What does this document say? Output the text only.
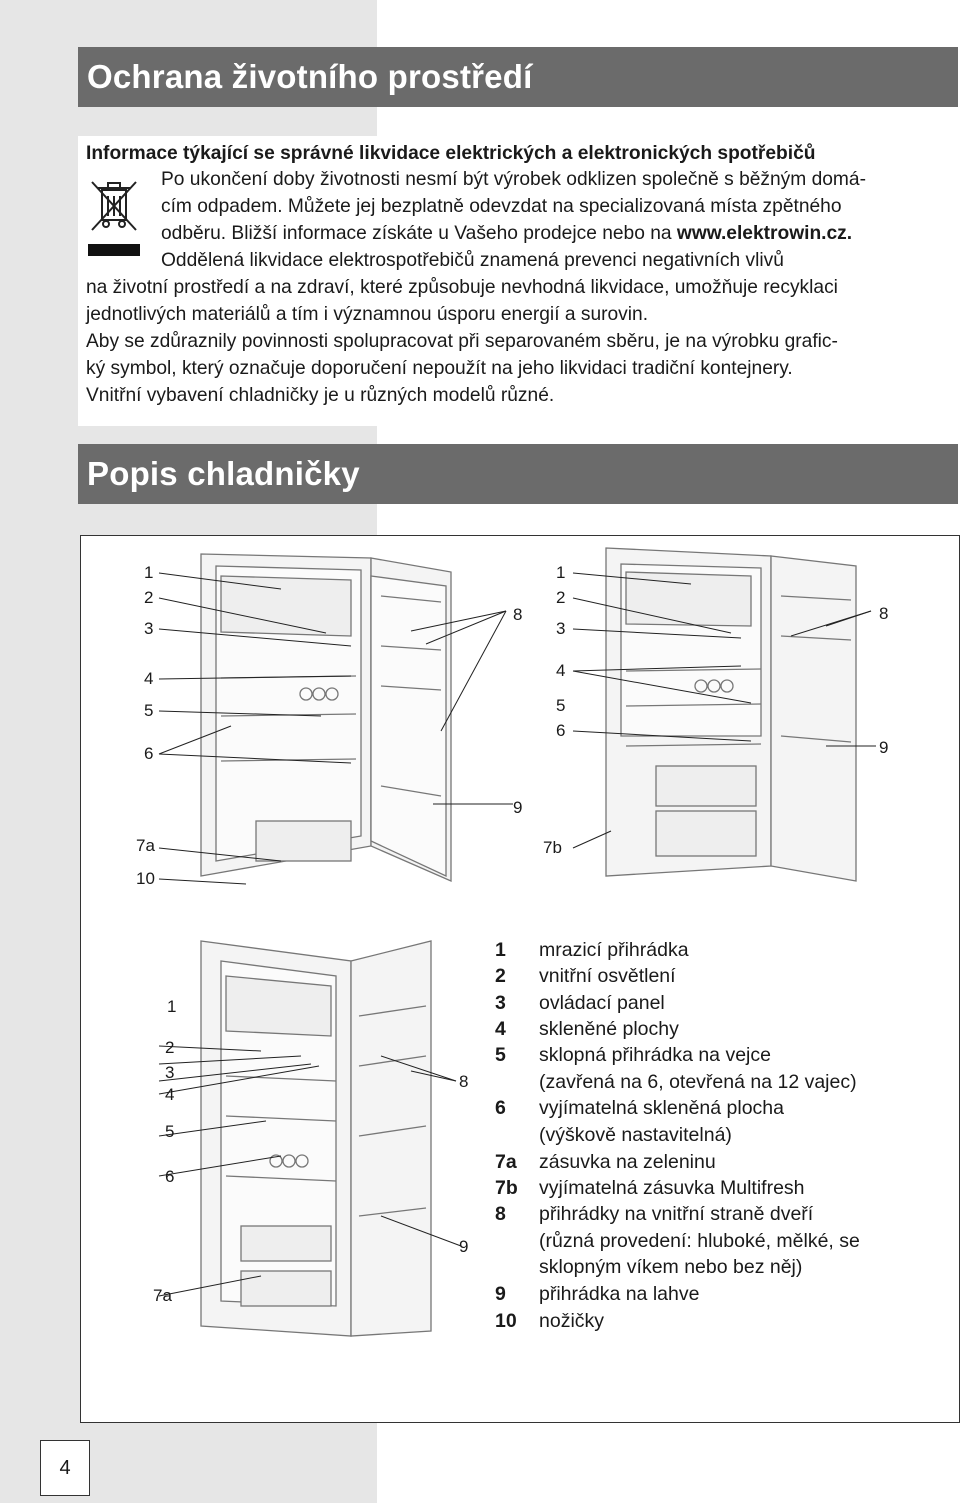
Ochrana životního prostředí
Informace týkající se správné likvidace elektrických a elektronických spotřebičů
Po ukončení doby životnosti nesmí být výrobek odklizen společně s běžným domá-
cím odpadem. Můžete jej bezplatně odevzdat na specializovaná místa zpětného
odběru. Bližší informace získáte u Vašeho prodejce nebo na www.elektrowin.cz.
Oddělená likvidace elektrospotřebičů znamená prevenci negativních vlivů
na životní prostředí a na zdraví, které způsobuje nevhodná likvidace, umožňuje recyklaci
jednotlivých materiálů a tím i významnou úsporu energií a surovin.
Aby se zdůraznily povinnosti spolupracovat při separovaném sběru, je na výrobku grafic-
ký symbol, který označuje doporučení nepoužít na jeho likvidaci tradiční kontejnery.
Vnitřní vybavení chladničky je u různých modelů různé.
Popis chladničky
1
2
3
4
5
6
7a
10
8
9
1
2
3
4
5
6
7b
8
9
1
2
3
4
5
6
7a
8
9
1 mrazicí přihrádka
2 vnitřní osvětlení
3 ovládací panel
4 skleněné plochy
5 sklopná přihrádka na vejce
(zavřená na 6, otevřená na 12 vajec)
6 vyjímatelná skleněná plocha
(výškově nastavitelná)
7a zásuvka na zeleninu
7b vyjímatelná zásuvka Multifresh
8 přihrádky na vnitřní straně dveří
(různá provedení: hluboké, mělké, se
sklopným víkem nebo bez něj)
9 přihrádka na lahve
10 nožičky
4
